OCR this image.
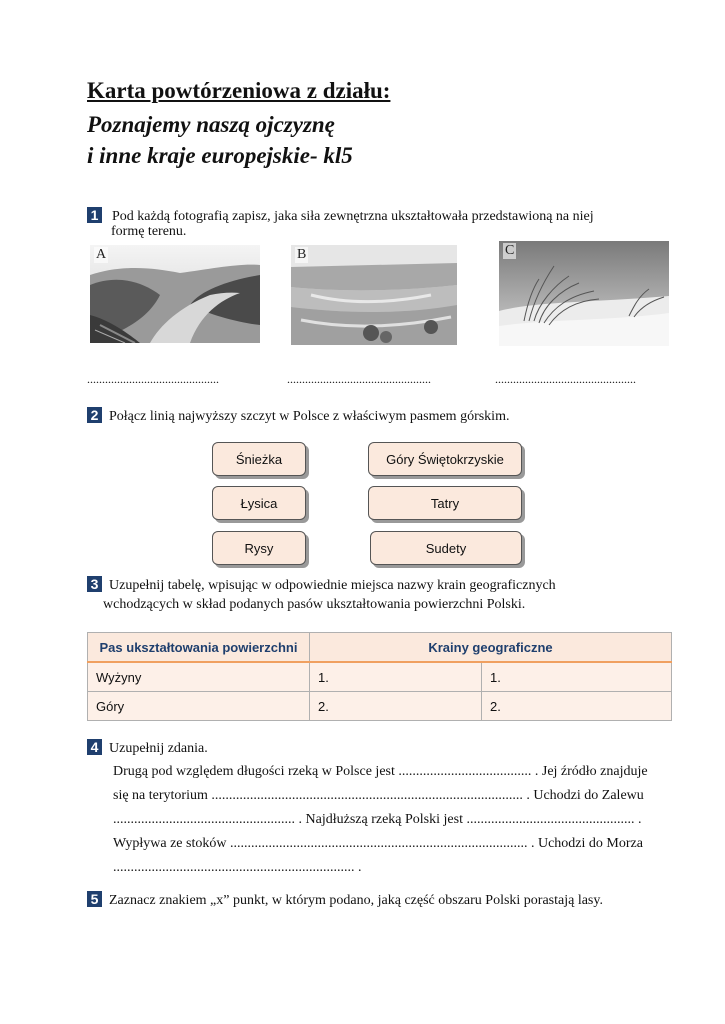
Karta powtórzeniowa z działu:
Poznajemy naszą ojczyznę
i inne kraje europejskie- kl5
1 Pod każdą fotografią zapisz, jaka siła zewnętrzna ukształtowała przedstawioną na niej
formę terenu.
A	B	C
............................................	................................................	...............................................
2 Połącz linią najwyższy szczyt w Polsce z właściwym pasmem górskim.
Śnieżka
Łysica
Rysy
Góry Świętokrzyskie
Tatry
Sudety
3 Uzupełnij tabelę, wpisując w odpowiednie miejsca nazwy krain geograficznych
wchodzących w skład podanych pasów ukształtowania powierzchni Polski.
Pas ukształtowania powierzchni	Krainy geograficzne	
Wyżyny	1.	1.
Góry	2.	2.
4 Uzupełnij zdania.
Drugą pod względem długości rzeką w Polsce jest ...................................... . Jej źródło znajduje
się na terytorium ......................................................................................... . Uchodzi do Zalewu
.................................................... . Najdłuższą rzeką Polski jest ................................................ .
Wypływa ze stoków ..................................................................................... . Uchodzi do Morza
..................................................................... .
5 Zaznacz znakiem „x” punkt, w którym podano, jaką część obszaru Polski porastają lasy.
